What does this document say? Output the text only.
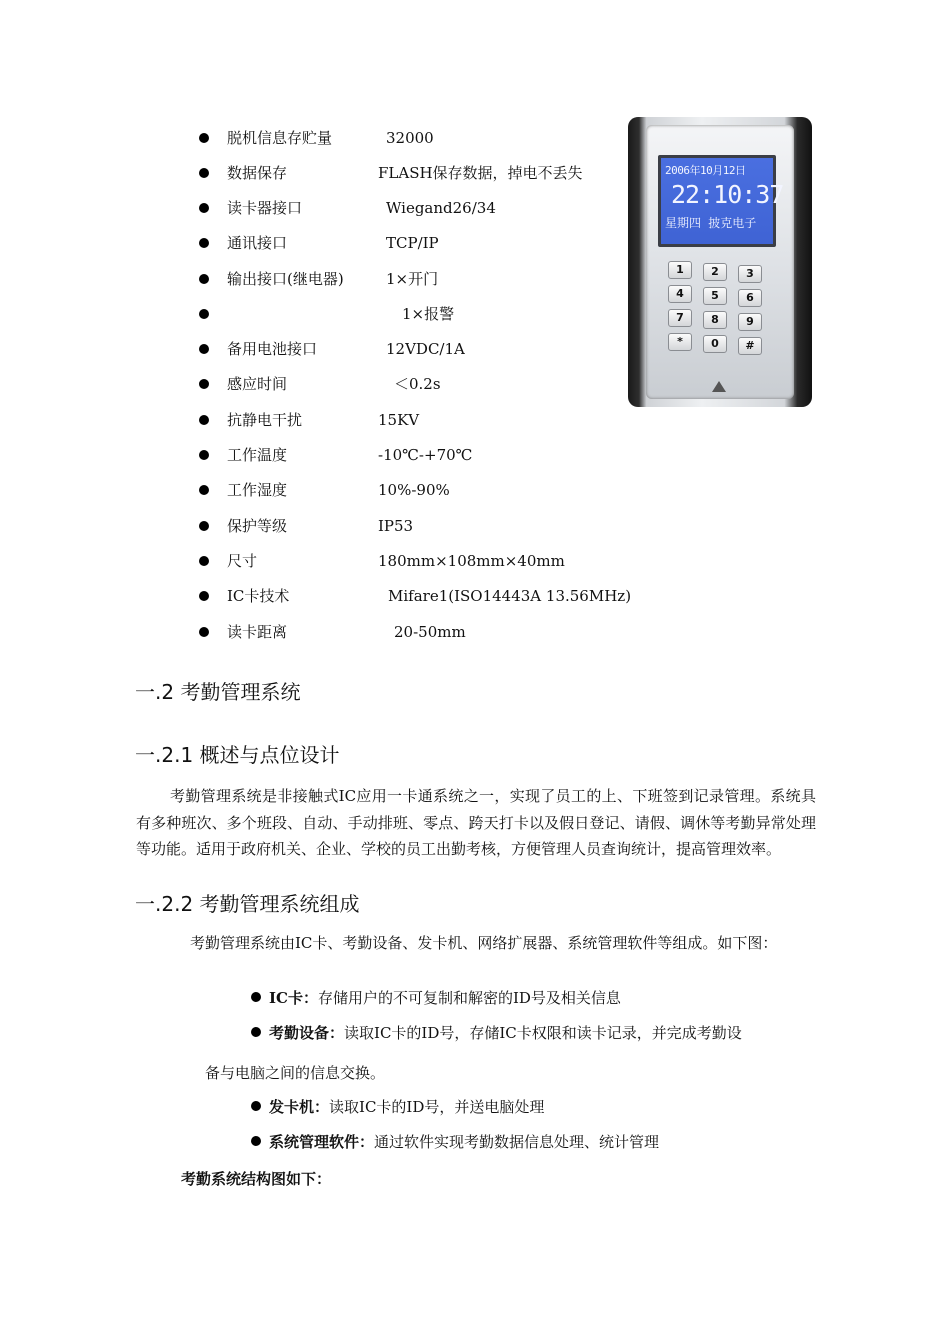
脱机信息存贮量	32000
数据保存	FLASH保存数据，掉电不丢失
读卡器接口	Wiegand26/34
通讯接口	TCP/IP
输出接口(继电器)	1×开门
1×报警
备用电池接口	12VDC/1A
感应时间	＜0.2s
抗静电干扰	15KV
工作温度	-10℃-+70℃
工作湿度	10%-90%
保护等级	IP53
尺寸	180mm×108mm×40mm
IC卡技术	Mifare1(ISO14443A 13.56MHz)
读卡距离	20-50mm
2006年10月12日
22:10:37
星期四 披克电子
1	2	3
4	5	6
7	8	9
*	0	#
一.2 考勤管理系统
一.2.1 概述与点位设计
考勤管理系统是非接触式IC应用一卡通系统之一，实现了员工的上、下班签到记录管理。系统具有多种班次、多个班段、自动、手动排班、零点、跨天打卡以及假日登记、请假、调休等考勤异常处理等功能。适用于政府机关、企业、学校的员工出勤考核，方便管理人员查询统计，提高管理效率。
一.2.2 考勤管理系统组成
考勤管理系统由IC卡、考勤设备、发卡机、网络扩展器、系统管理软件等组成。如下图：
IC卡：存储用户的不可复制和解密的ID号及相关信息
考勤设备：读取IC卡的ID号，存储IC卡权限和读卡记录，并完成考勤设
备与电脑之间的信息交换。
发卡机：读取IC卡的ID号，并送电脑处理
系统管理软件：通过软件实现考勤数据信息处理、统计管理
考勤系统结构图如下：
